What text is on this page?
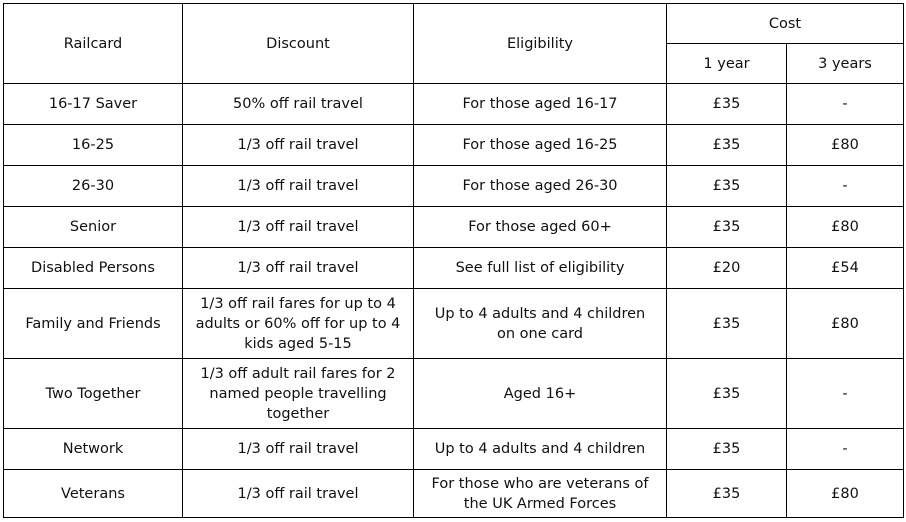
Railcard	Discount	Eligibility	Cost	
			1 year	3 years
16-17 Saver	50% off rail travel	For those aged 16-17	£35	-
16-25	1/3 off rail travel	For those aged 16-25	£35	£80
26-30	1/3 off rail travel	For those aged 26-30	£35	-
Senior	1/3 off rail travel	For those aged 60+	£35	£80
Disabled Persons	1/3 off rail travel	See full list of eligibility	£20	£54
Family and Friends	1/3 off rail fares for up to 4 adults or 60% off for up to 4 kids aged 5-15	Up to 4 adults and 4 children on one card	£35	£80
Two Together	1/3 off adult rail fares for 2 named people travelling together	Aged 16+	£35	-
Network	1/3 off rail travel	Up to 4 adults and 4 children	£35	-
Veterans	1/3 off rail travel	For those who are veterans of the UK Armed Forces	£35	£80
